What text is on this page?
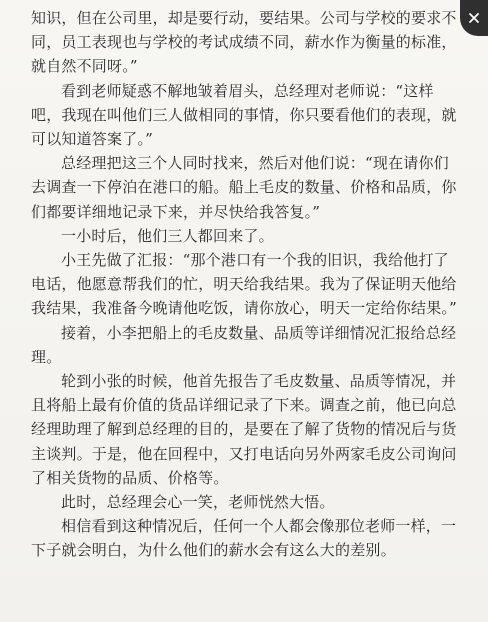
知识，但在公司里，却是要行动，要结果。公司与学校的要求不同，员工表现也与学校的考试成绩不同，薪水作为衡量的标准，就自然不同呀。”

看到老师疑惑不解地皱着眉头，总经理对老师说：“这样吧，我现在叫他们三人做相同的事情，你只要看他们的表现，就可以知道答案了。”

总经理把这三个人同时找来，然后对他们说：“现在请你们去调查一下停泊在港口的船。船上毛皮的数量、价格和品质，你们都要详细地记录下来，并尽快给我答复。”

一小时后，他们三人都回来了。

小王先做了汇报：“那个港口有一个我的旧识，我给他打了电话，他愿意帮我们的忙，明天给我结果。我为了保证明天他给我结果，我准备今晚请他吃饭，请你放心，明天一定给你结果。”

接着，小李把船上的毛皮数量、品质等详细情况汇报给总经理。

轮到小张的时候，他首先报告了毛皮数量、品质等情况，并且将船上最有价值的货品详细记录了下来。调查之前，他已向总经理助理了解到总经理的目的，是要在了解了货物的情况后与货主谈判。于是，他在回程中，又打电话向另外两家毛皮公司询问了相关货物的品质、价格等。

此时，总经理会心一笑，老师恍然大悟。

相信看到这种情况后，任何一个人都会像那位老师一样，一下子就会明白，为什么他们的薪水会有这么大的差别。
